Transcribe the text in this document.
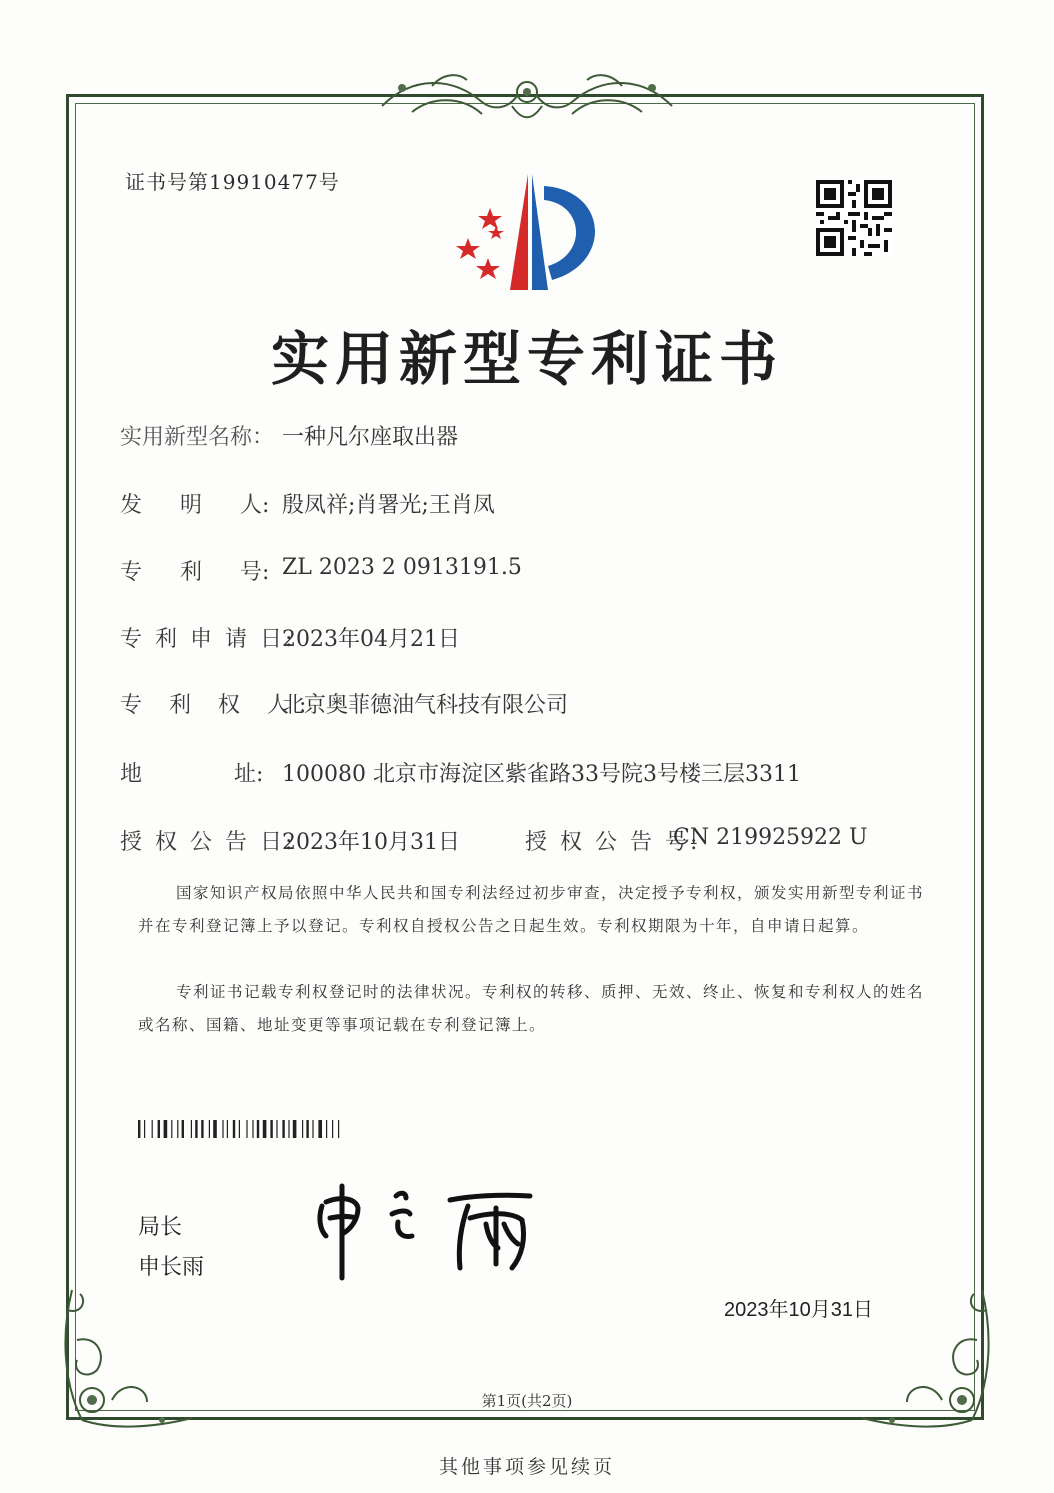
证书号第19910477号
实用新型专利证书
实用新型名称： 一种凡尔座取出器
发 明 人: 殷凤祥;肖署光;王肖凤
专 利 号: ZL 2023 2 0913191.5
专 利 申 请 日:
2023年04月21日
专 利 权 人:
北京奥菲德油气科技有限公司
地	址: 100080 北京市海淀区紫雀路33号院3号楼三层3311
授 权 公 告 日:
2023年10月31日	授 权 公 告 号:
CN 219925922 U
国家知识产权局依照中华人民共和国专利法经过初步审查，决定授予专利权，颁发实用新型专利证书并在专利登记簿上予以登记。专利权自授权公告之日起生效。专利权期限为十年，自申请日起算。
专利证书记载专利权登记时的法律状况。专利权的转移、质押、无效、终止、恢复和专利权人的姓名或名称、国籍、地址变更等事项记载在专利登记簿上。
局长
申长雨
2023年10月31日
第1页(共2页)
其他事项参见续页
